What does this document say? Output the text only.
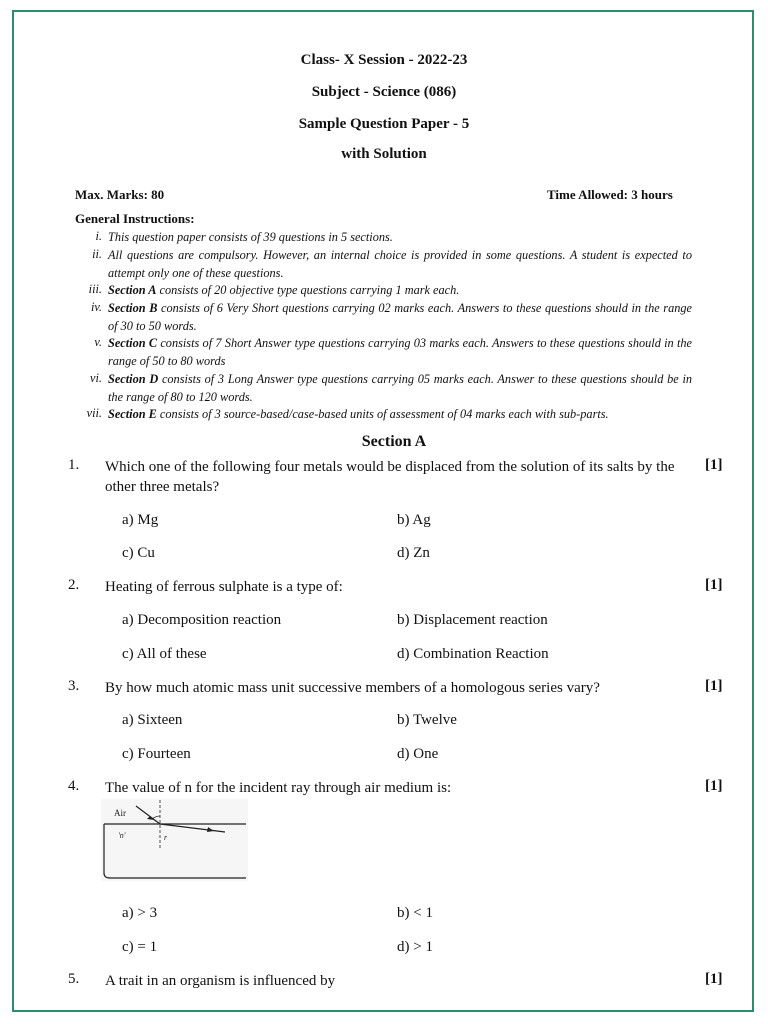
Class- X Session - 2022-23
Subject - Science (086)
Sample Question Paper - 5
with Solution
Max. Marks: 80	Time Allowed: 3 hours
General Instructions:
i. This question paper consists of 39 questions in 5 sections.
ii. All questions are compulsory. However, an internal choice is provided in some questions. A student is expected to attempt only one of these questions.
iii. Section A consists of 20 objective type questions carrying 1 mark each.
iv. Section B consists of 6 Very Short questions carrying 02 marks each. Answers to these questions should in the range of 30 to 50 words.
v. Section C consists of 7 Short Answer type questions carrying 03 marks each. Answers to these questions should in the range of 50 to 80 words
vi. Section D consists of 3 Long Answer type questions carrying 05 marks each. Answer to these questions should be in the range of 80 to 120 words.
vii. Section E consists of 3 source-based/case-based units of assessment of 04 marks each with sub-parts.
Section A
1. Which one of the following four metals would be displaced from the solution of its salts by the other three metals?
[1]
a) Mg	b) Ag
c) Cu	d) Zn
2. Heating of ferrous sulphate is a type of:	[1]
a) Decomposition reaction	b) Displacement reaction
c) All of these	d) Combination Reaction
3. By how much atomic mass unit successive members of a homologous series vary?	[1]
a) Sixteen	b) Twelve
c) Fourteen	d) One
4. The value of n for the incident ray through air medium is:	[1]
Air
'n'	r
a) > 3	b) < 1
c) = 1	d) > 1
5. A trait in an organism is influenced by	[1]
